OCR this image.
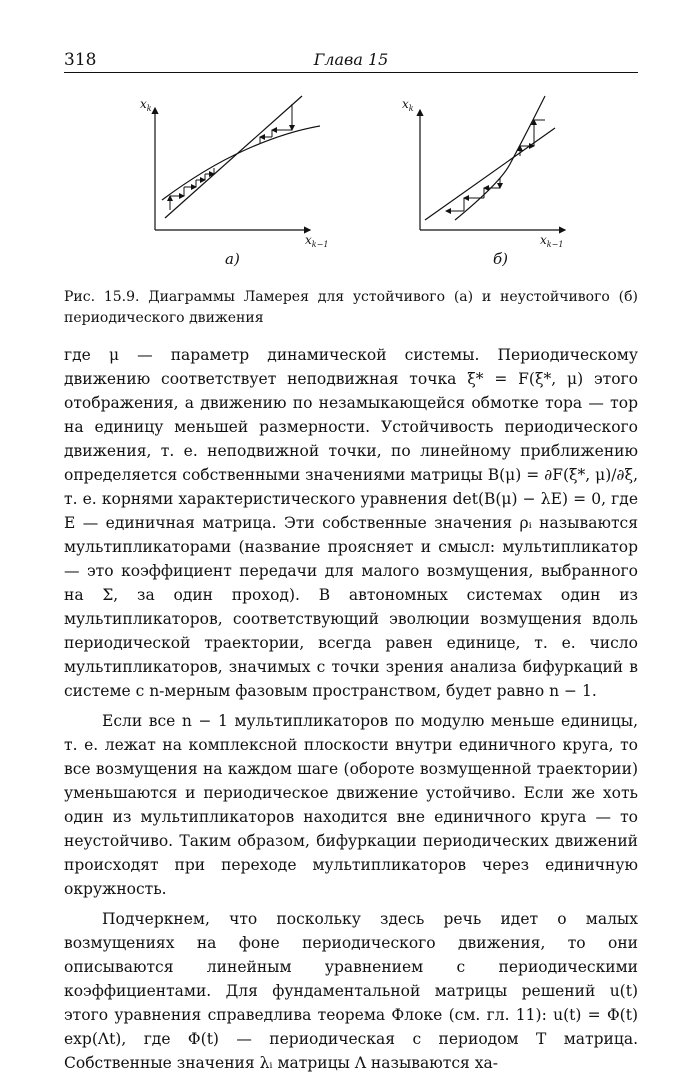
318	Глава 15
$x_k$
$x_{k-1}$
a)
$x_k$
$x_{k-1}$
б)
Рис. 15.9. Диаграммы Ламерея для устойчивого (a) и неустойчивого (б) периодического движения

где μ — параметр динамической системы. Периодическому движению соответствует неподвижная точка ξ* = F(ξ*, μ) этого отображения, а движению по незамыкающейся обмотке тора — тор на единицу меньшей размерности. Устойчивость периодического движения, т. е. неподвижной точки, по линейному приближению определяется собственными значениями матрицы B(μ) = ∂F(ξ*, μ)/∂ξ, т. е. корнями характеристического уравнения det(B(μ) − λE) = 0, где E — единичная матрица. Эти собственные значения ρᵢ называются мультипликаторами (название проясняет и смысл: мультипликатор — это коэффициент передачи для малого возмущения, выбранного на Σ, за один проход). В автономных системах один из мультипликаторов, соответствующий эволюции возмущения вдоль периодической траектории, всегда равен единице, т. е. число мультипликаторов, значимых с точки зрения анализа бифуркаций в системе с n-мерным фазовым пространством, будет равно n − 1.

Если все n − 1 мультипликаторов по модулю меньше единицы, т. е. лежат на комплексной плоскости внутри единичного круга, то все возмущения на каждом шаге (обороте возмущенной траектории) уменьшаются и периодическое движение устойчиво. Если же хоть один из мультипликаторов находится вне единичного круга — то неустойчиво. Таким образом, бифуркации периодических движений происходят при переходе мультипликаторов через единичную окружность.

Подчеркнем, что поскольку здесь речь идет о малых возмущениях на фоне периодического движения, то они описываются линейным уравнением с периодическими коэффициентами. Для фундаментальной матрицы решений u(t) этого уравнения справедлива теорема Флоке (см. гл. 11): u(t) = Φ(t) exp(Λt), где Φ(t) — периодическая с периодом T матрица. Собственные значения λᵢ матрицы Λ называются ха-
